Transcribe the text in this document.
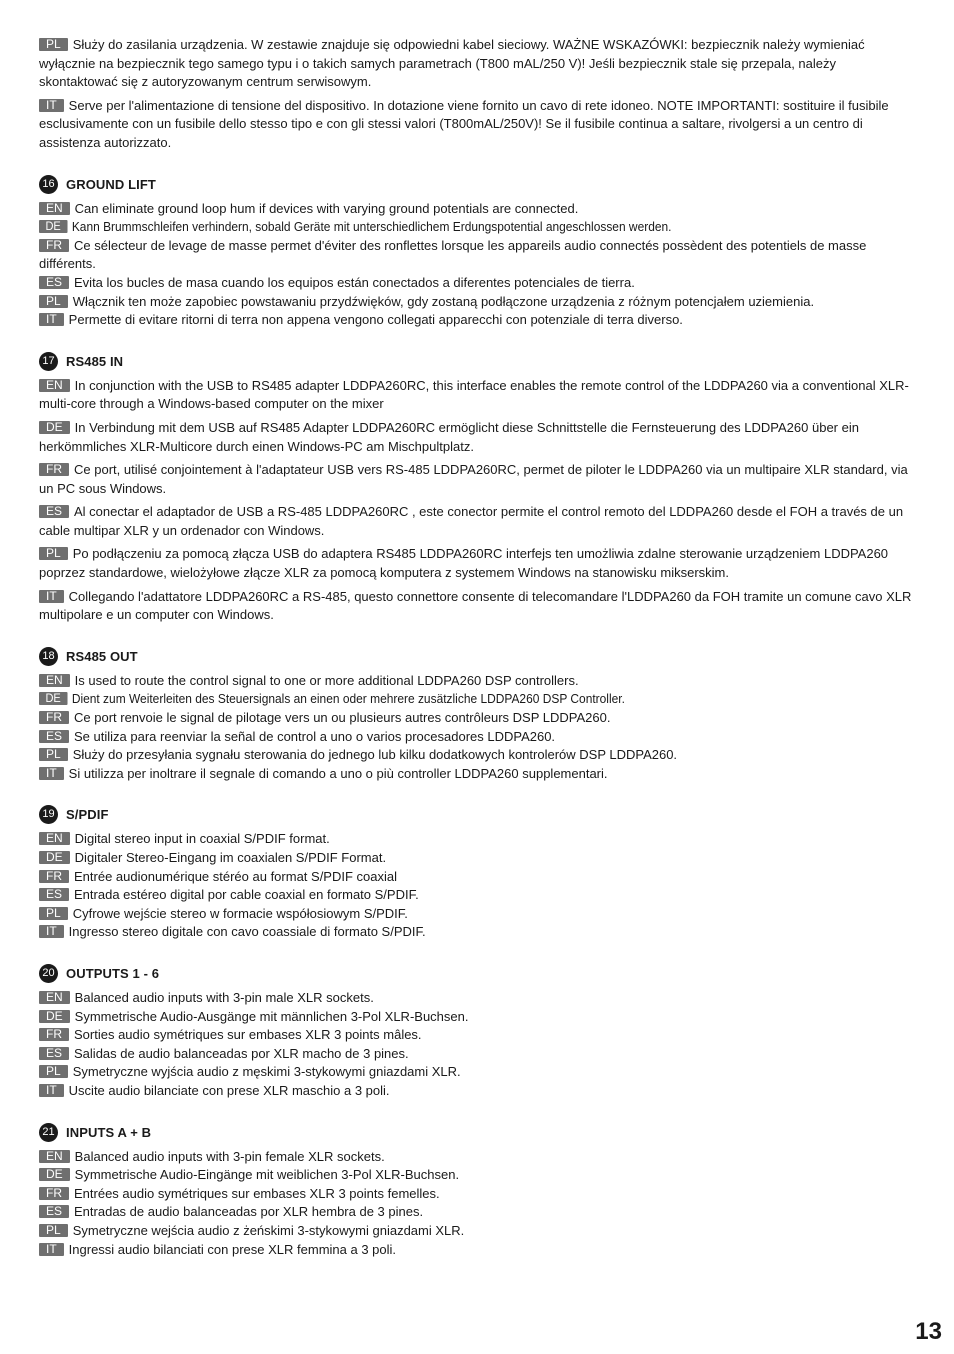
PL Służy do zasilania urządzenia. W zestawie znajduje się odpowiedni kabel sieciowy. WAŻNE WSKAZÓWKI: bezpiecznik należy wymieniać wyłącznie na bezpiecznik tego samego typu i o takich samych parametrach (T800 mAL/250 V)! Jeśli bezpiecznik stale się przepala, należy skontaktować się z autoryzowanym centrum serwisowym.

IT Serve per l'alimentazione di tensione del dispositivo. In dotazione viene fornito un cavo di rete idoneo. NOTE IMPORTANTI: sostituire il fusibile esclusivamente con un fusibile dello stesso tipo e con gli stessi valori (T800mAL/250V)! Se il fusibile continua a saltare, rivolgersi a un centro di assistenza autorizzato.

16 GROUND LIFT

EN Can eliminate ground loop hum if devices with varying ground potentials are connected.

DE Kann Brummschleifen verhindern, sobald Geräte mit unterschiedlichem Erdungspotential angeschlossen werden.

FR Ce sélecteur de levage de masse permet d'éviter des ronflettes lorsque les appareils audio connectés possèdent des potentiels de masse différents.

ES Evita los bucles de masa cuando los equipos están conectados a diferentes potenciales de tierra.

PL Włącznik ten może zapobiec powstawaniu przydźwięków, gdy zostaną podłączone urządzenia z różnym potencjałem uziemienia.

IT Permette di evitare ritorni di terra non appena vengono collegati apparecchi con potenziale di terra diverso.

17 RS485 IN

EN In conjunction with the USB to RS485 adapter LDDPA260RC, this interface enables the remote control of the LDDPA260 via a conventional XLR-multi-core through a Windows-based computer on the mixer

DE In Verbindung mit dem USB auf RS485 Adapter LDDPA260RC ermöglicht diese Schnittstelle die Fernsteuerung des LDDPA260 über ein herkömmliches XLR-Multicore durch einen Windows-PC am Mischpultplatz.

FR Ce port, utilisé conjointement à l'adaptateur USB vers RS-485 LDDPA260RC, permet de piloter le LDDPA260 via un multipaire XLR standard, via un PC sous Windows.

ES Al conectar el adaptador de USB a RS-485 LDDPA260RC , este conector permite el control remoto del LDDPA260 desde el FOH a través de un cable multipar XLR y un ordenador con Windows.

PL Po podłączeniu za pomocą złącza USB do adaptera RS485 LDDPA260RC interfejs ten umożliwia zdalne sterowanie urządzeniem LDDPA260 poprzez standardowe, wielożyłowe złącze XLR za pomocą komputera z systemem Windows na stanowisku mikserskim.

IT Collegando l'adattatore LDDPA260RC a RS-485, questo connettore consente di telecomandare l'LDDPA260 da FOH tramite un comune cavo XLR multipolare e un computer con Windows.

18 RS485 OUT

EN Is used to route the control signal to one or more additional LDDPA260 DSP controllers.

DE Dient zum Weiterleiten des Steuersignals an einen oder mehrere zusätzliche LDDPA260 DSP Controller.

FR Ce port renvoie le signal de pilotage vers un ou plusieurs autres contrôleurs DSP LDDPA260.

ES Se utiliza para reenviar la señal de control a uno o varios procesadores LDDPA260.

PL Służy do przesyłania sygnału sterowania do jednego lub kilku dodatkowych kontrolerów DSP LDDPA260.

IT Si utilizza per inoltrare il segnale di comando a uno o più controller LDDPA260 supplementari.

19 S/PDIF

EN Digital stereo input in coaxial S/PDIF format.

DE Digitaler Stereo-Eingang im coaxialen S/PDIF Format.

FR Entrée audionumérique stéréo au format S/PDIF coaxial

ES Entrada estéreo digital por cable coaxial en formato S/PDIF.

PL Cyfrowe wejście stereo w formacie współosiowym S/PDIF.

IT Ingresso stereo digitale con cavo coassiale di formato S/PDIF.

20 OUTPUTS 1 - 6

EN Balanced audio inputs with 3-pin male XLR sockets.

DE Symmetrische Audio-Ausgänge mit männlichen 3-Pol XLR-Buchsen.

FR Sorties audio symétriques sur embases XLR 3 points mâles.

ES Salidas de audio balanceadas por XLR macho de 3 pines.

PL Symetryczne wyjścia audio z męskimi 3-stykowymi gniazdami XLR.

IT Uscite audio bilanciate con prese XLR maschio a 3 poli.

21 INPUTS A + B

EN Balanced audio inputs with 3-pin female XLR sockets.

DE Symmetrische Audio-Eingänge mit weiblichen 3-Pol XLR-Buchsen.

FR Entrées audio symétriques sur embases XLR 3 points femelles.

ES Entradas de audio balanceadas por XLR hembra de 3 pines.

PL Symetryczne wejścia audio z żeńskimi 3-stykowymi gniazdami XLR.

IT Ingressi audio bilanciati con prese XLR femmina a 3 poli.

13
